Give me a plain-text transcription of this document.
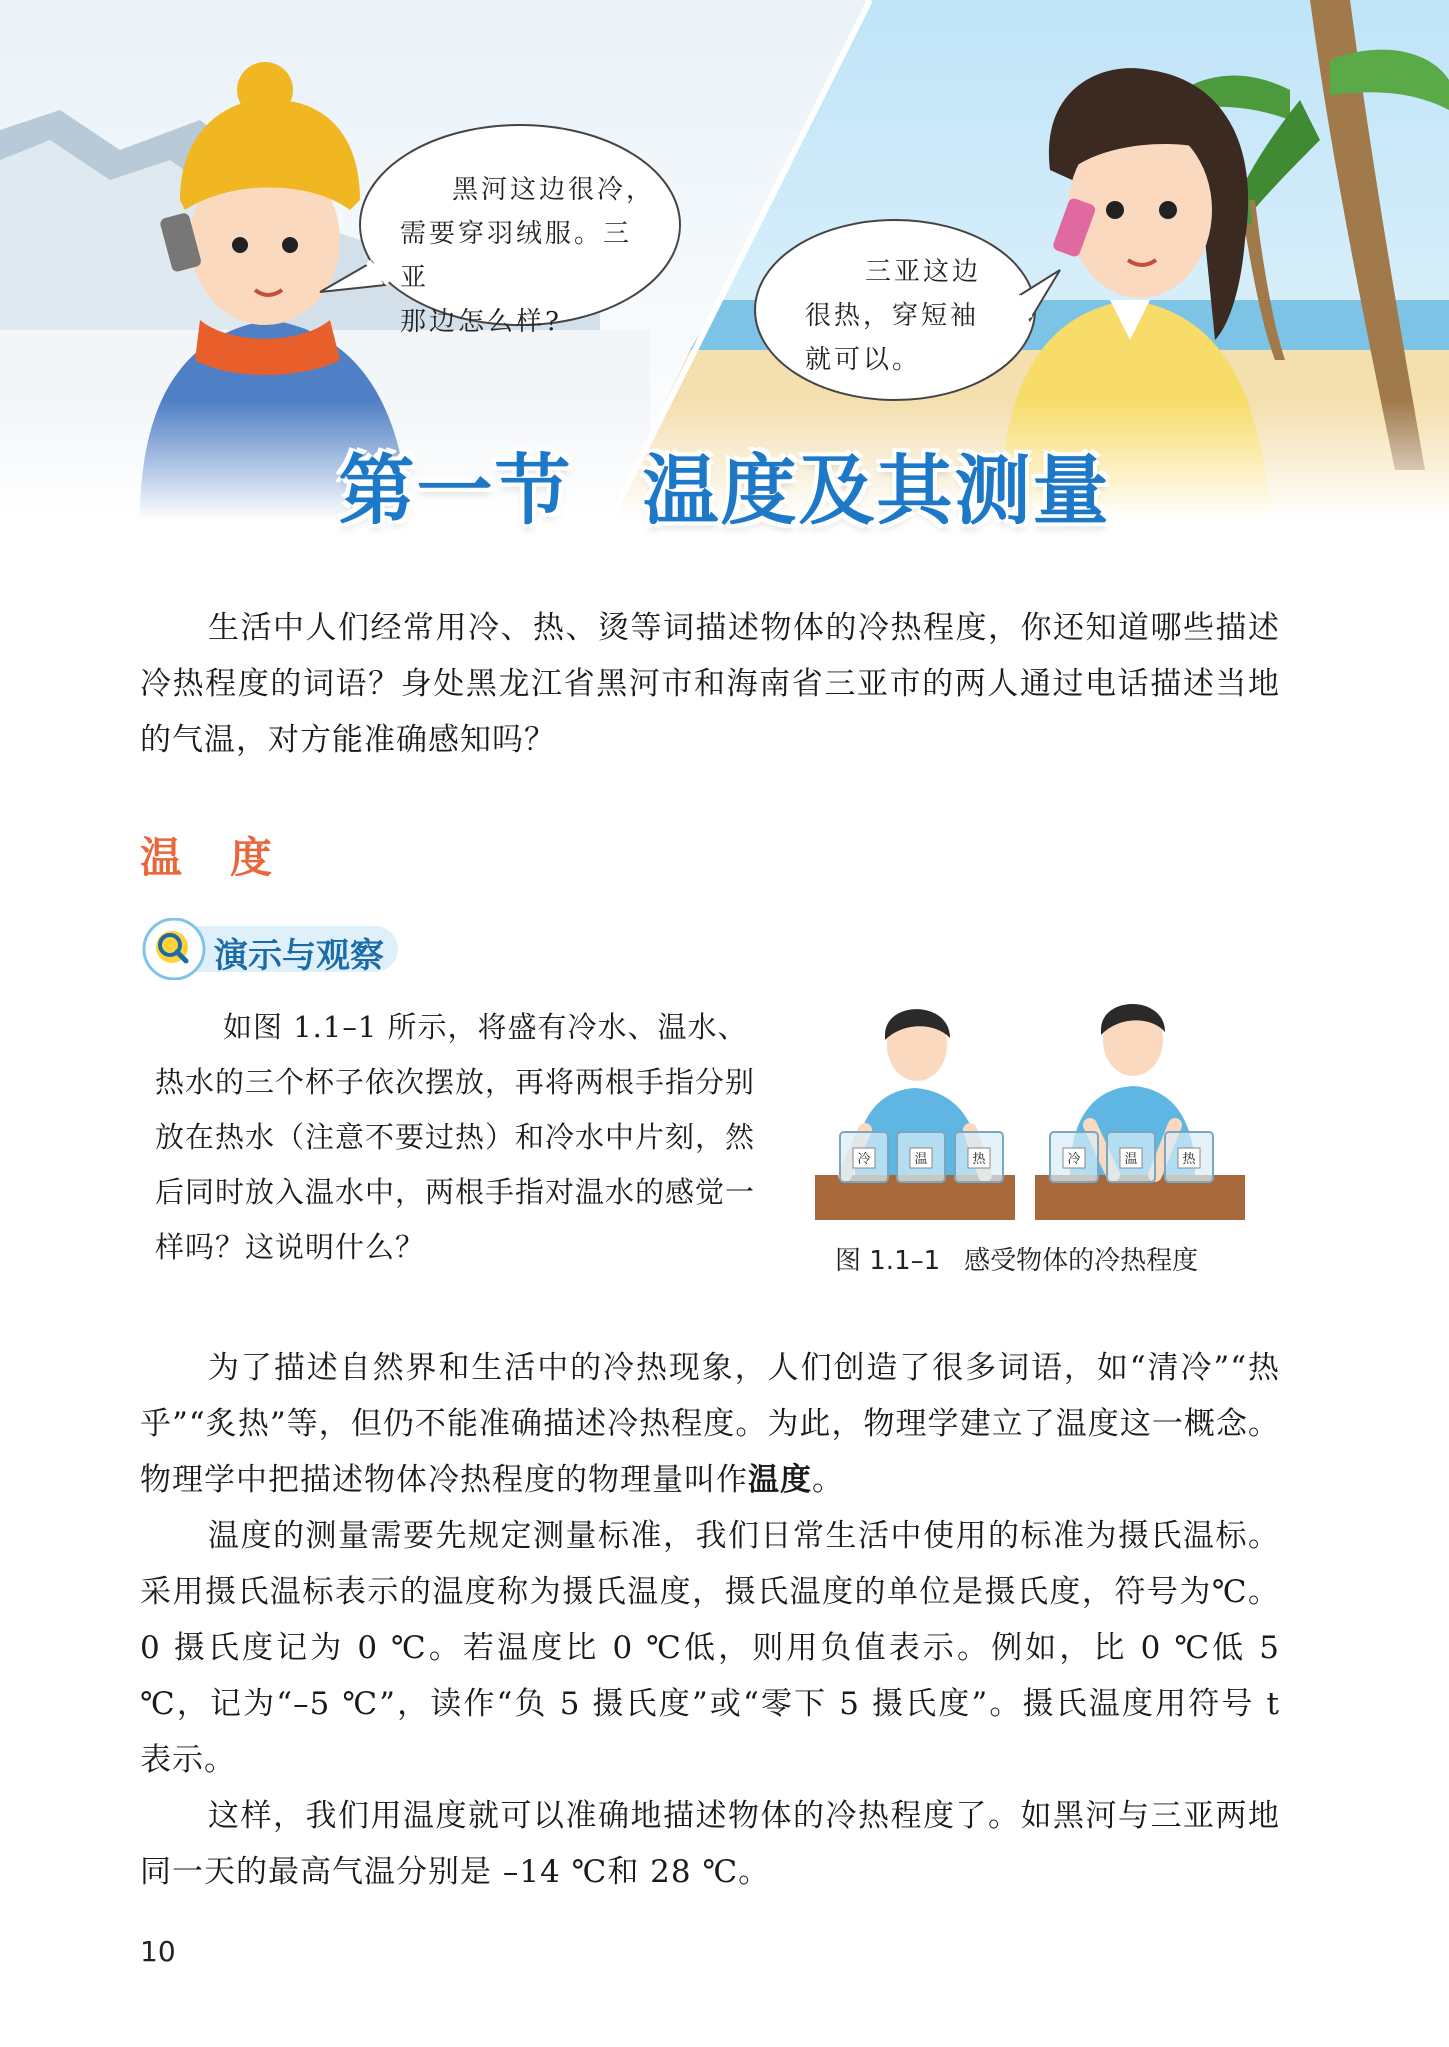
黑河这边很冷，
需要穿羽绒服。三亚
那边怎么样?
三亚这边
很热，穿短袖
就可以。
第一节 温度及其测量

生活中人们经常用冷、热、烫等词描述物体的冷热程度，你还知道哪些描述冷热程度的词语？身处黑龙江省黑河市和海南省三亚市的两人通过电话描述当地的气温，对方能准确感知吗？

温度
演示与观察

如图 1.1–1 所示，将盛有冷水、温水、热水的三个杯子依次摆放，再将两根手指分别放在热水（注意不要过热）和冷水中片刻，然后同时放入温水中，两根手指对温水的感觉一样吗？这说明什么？

冷	温	热	冷	温	热
图 1.1–1 感受物体的冷热程度

为了描述自然界和生活中的冷热现象，人们创造了很多词语，如“清冷”“热乎”“炙热”等，但仍不能准确描述冷热程度。为此，物理学建立了温度这一概念。物理学中把描述物体冷热程度的物理量叫作温度。

温度的测量需要先规定测量标准，我们日常生活中使用的标准为摄氏温标。采用摄氏温标表示的温度称为摄氏温度，摄氏温度的单位是摄氏度，符号为℃。0 摄氏度记为 0 ℃。若温度比 0 ℃低，则用负值表示。例如，比 0 ℃低 5 ℃，记为“–5 ℃”，读作“负 5 摄氏度”或“零下 5 摄氏度”。摄氏温度用符号 t 表示。

这样，我们用温度就可以准确地描述物体的冷热程度了。如黑河与三亚两地同一天的最高气温分别是 –14 ℃和 28 ℃。

10
